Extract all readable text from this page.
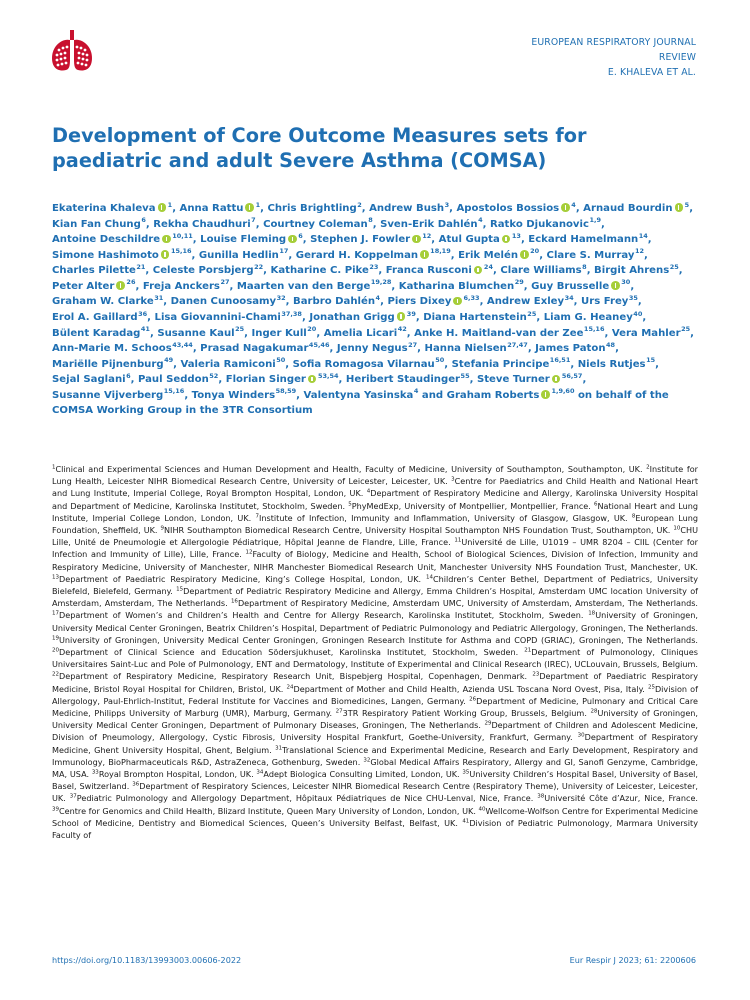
EUROPEAN RESPIRATORY JOURNAL
REVIEW
E. KHALEVA ET AL.
Development of Core Outcome Measures sets for paediatric and adult Severe Asthma (COMSA)
Ekaterina Khaleva $^1$, Anna Rattu $^1$, Chris Brightling$^2$, Andrew Bush$^3$, Apostolos Bossios $^4$, Arnaud Bourdin $^5$, Kian Fan Chung$^6$, Rekha Chaudhuri$^7$, Courtney Coleman$^8$, Sven-Erik Dahlén$^4$, Ratko Djukanovic$^{1,9}$, Antoine Deschildre $^{10,11}$, Louise Fleming $^6$, Stephen J. Fowler $^{12}$, Atul Gupta $^{13}$, Eckard Hamelmann$^{14}$, Simone Hashimoto $^{15,16}$, Gunilla Hedlin$^{17}$, Gerard H. Koppelman $^{18,19}$, Erik Melén $^{20}$, Clare S. Murray$^{12}$, Charles Pilette$^{21}$, Celeste Porsbjerg$^{22}$, Katharine C. Pike$^{23}$, Franca Rusconi $^{24}$, Clare Williams$^8$, Birgit Ahrens$^{25}$, Peter Alter $^{26}$, Freja Anckers$^{27}$, Maarten van den Berge$^{19,28}$, Katharina Blumchen$^{29}$, Guy Brusselle $^{30}$, Graham W. Clarke$^{31}$, Danen Cunoosamy$^{32}$, Barbro Dahlén$^4$, Piers Dixey $^{6,33}$, Andrew Exley$^{34}$, Urs Frey$^{35}$, Erol A. Gaillard$^{36}$, Lisa Giovannini-Chami$^{37,38}$, Jonathan Grigg $^{39}$, Diana Hartenstein$^{25}$, Liam G. Heaney$^{40}$, Bülent Karadag$^{41}$, Susanne Kaul$^{25}$, Inger Kull$^{20}$, Amelia Licari$^{42}$, Anke H. Maitland-van der Zee$^{15,16}$, Vera Mahler$^{25}$, Ann-Marie M. Schoos$^{43,44}$, Prasad Nagakumar$^{45,46}$, Jenny Negus$^{27}$, Hanna Nielsen$^{27,47}$, James Paton$^{48}$, Mariëlle Pijnenburg$^{49}$, Valeria Ramiconi$^{50}$, Sofia Romagosa Vilarnau$^{50}$, Stefania Principe$^{16,51}$, Niels Rutjes$^{15}$, Sejal Saglani$^6$, Paul Seddon$^{52}$, Florian Singer $^{53,54}$, Heribert Staudinger$^{55}$, Steve Turner $^{56,57}$, Susanne Vijverberg$^{15,16}$, Tonya Winders$^{58,59}$, Valentyna Yasinska$^4$ and Graham Roberts $^{1,9,60}$ on behalf of the COMSA Working Group in the 3TR Consortium
$^1$Clinical and Experimental Sciences and Human Development and Health, Faculty of Medicine, University of Southampton, Southampton, UK. $^2$Institute for Lung Health, Leicester NIHR Biomedical Research Centre, University of Leicester, Leicester, UK. $^3$Centre for Paediatrics and Child Health and National Heart and Lung Institute, Imperial College, Royal Brompton Hospital, London, UK. $^4$Department of Respiratory Medicine and Allergy, Karolinska University Hospital and Department of Medicine, Karolinska Institutet, Stockholm, Sweden. $^5$PhyMedExp, University of Montpellier, Montpellier, France. $^6$National Heart and Lung Institute, Imperial College London, London, UK. $^7$Institute of Infection, Immunity and Inflammation, University of Glasgow, Glasgow, UK. $^8$European Lung Foundation, Sheffield, UK. $^9$NIHR Southampton Biomedical Research Centre, University Hospital Southampton NHS Foundation Trust, Southampton, UK. $^{10}$CHU Lille, Unité de Pneumologie et Allergologie Pédiatrique, Hôpital Jeanne de Flandre, Lille, France. $^{11}$Université de Lille, U1019 – UMR 8204 – CIIL (Center for Infection and Immunity of Lille), Lille, France. $^{12}$Faculty of Biology, Medicine and Health, School of Biological Sciences, Division of Infection, Immunity and Respiratory Medicine, University of Manchester, NIHR Manchester Biomedical Research Unit, Manchester University NHS Foundation Trust, Manchester, UK. $^{13}$Department of Paediatric Respiratory Medicine, King’s College Hospital, London, UK. $^{14}$Children’s Center Bethel, Department of Pediatrics, University Bielefeld, Bielefeld, Germany. $^{15}$Department of Pediatric Respiratory Medicine and Allergy, Emma Children’s Hospital, Amsterdam UMC location University of Amsterdam, Amsterdam, The Netherlands. $^{16}$Department of Respiratory Medicine, Amsterdam UMC, University of Amsterdam, Amsterdam, The Netherlands. $^{17}$Department of Women’s and Children’s Health and Centre for Allergy Research, Karolinska Institutet, Stockholm, Sweden. $^{18}$University of Groningen, University Medical Center Groningen, Beatrix Children’s Hospital, Department of Pediatric Pulmonology and Pediatric Allergology, Groningen, The Netherlands. $^{19}$University of Groningen, University Medical Center Groningen, Groningen Research Institute for Asthma and COPD (GRIAC), Groningen, The Netherlands. $^{20}$Department of Clinical Science and Education Södersjukhuset, Karolinska Institutet, Stockholm, Sweden. $^{21}$Department of Pulmonology, Cliniques Universitaires Saint-Luc and Pole of Pulmonology, ENT and Dermatology, Institute of Experimental and Clinical Research (IREC), UCLouvain, Brussels, Belgium. $^{22}$Department of Respiratory Medicine, Respiratory Research Unit, Bispebjerg Hospital, Copenhagen, Denmark. $^{23}$Department of Paediatric Respiratory Medicine, Bristol Royal Hospital for Children, Bristol, UK. $^{24}$Department of Mother and Child Health, Azienda USL Toscana Nord Ovest, Pisa, Italy. $^{25}$Division of Allergology, Paul-Ehrlich-Institut, Federal Institute for Vaccines and Biomedicines, Langen, Germany. $^{26}$Department of Medicine, Pulmonary and Critical Care Medicine, Philipps University of Marburg (UMR), Marburg, Germany. $^{27}$3TR Respiratory Patient Working Group, Brussels, Belgium. $^{28}$University of Groningen, University Medical Center Groningen, Department of Pulmonary Diseases, Groningen, The Netherlands. $^{29}$Department of Children and Adolescent Medicine, Division of Pneumology, Allergology, Cystic Fibrosis, University Hospital Frankfurt, Goethe-University, Frankfurt, Germany. $^{30}$Department of Respiratory Medicine, Ghent University Hospital, Ghent, Belgium. $^{31}$Translational Science and Experimental Medicine, Research and Early Development, Respiratory and Immunology, BioPharmaceuticals R&D, AstraZeneca, Gothenburg, Sweden. $^{32}$Global Medical Affairs Respiratory, Allergy and GI, Sanofi Genzyme, Cambridge, MA, USA. $^{33}$Royal Brompton Hospital, London, UK. $^{34}$Adept Biologica Consulting Limited, London, UK. $^{35}$University Children’s Hospital Basel, University of Basel, Basel, Switzerland. $^{36}$Department of Respiratory Sciences, Leicester NIHR Biomedical Research Centre (Respiratory Theme), University of Leicester, Leicester, UK. $^{37}$Pediatric Pulmonology and Allergology Department, Hôpitaux Pédiatriques de Nice CHU-Lenval, Nice, France. $^{38}$Université Côte d’Azur, Nice, France. $^{39}$Centre for Genomics and Child Health, Blizard Institute, Queen Mary University of London, London, UK. $^{40}$Wellcome-Wolfson Centre for Experimental Medicine School of Medicine, Dentistry and Biomedical Sciences, Queen’s University Belfast, Belfast, UK. $^{41}$Division of Pediatric Pulmonology, Marmara University Faculty of
https://doi.org/10.1183/13993003.00606-2022	Eur Respir J 2023; 61: 2200606
